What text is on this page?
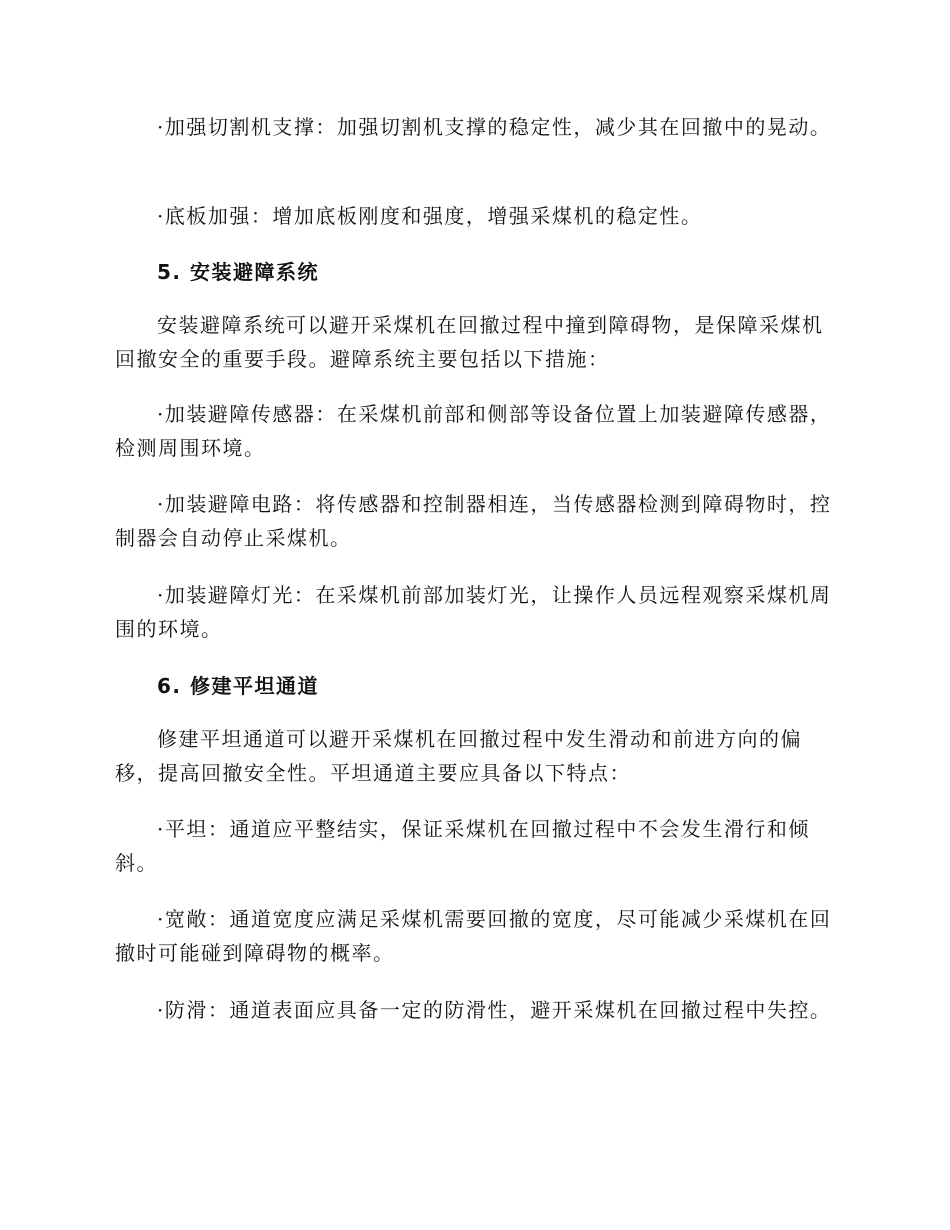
·加强切割机支撑：加强切割机支撑的稳定性，减少其在回撤中的晃动。

·底板加强：增加底板刚度和强度，增强采煤机的稳定性。

5. 安装避障系统

安装避障系统可以避开采煤机在回撤过程中撞到障碍物，是保障采煤机回撤安全的重要手段。避障系统主要包括以下措施：

·加装避障传感器：在采煤机前部和侧部等设备位置上加装避障传感器，检测周围环境。

·加装避障电路：将传感器和控制器相连，当传感器检测到障碍物时，控制器会自动停止采煤机。

·加装避障灯光：在采煤机前部加装灯光，让操作人员远程观察采煤机周围的环境。

6. 修建平坦通道

修建平坦通道可以避开采煤机在回撤过程中发生滑动和前进方向的偏移，提高回撤安全性。平坦通道主要应具备以下特点：

·平坦：通道应平整结实，保证采煤机在回撤过程中不会发生滑行和倾斜。

·宽敞：通道宽度应满足采煤机需要回撤的宽度，尽可能减少采煤机在回撤时可能碰到障碍物的概率。

·防滑：通道表面应具备一定的防滑性，避开采煤机在回撤过程中失控。
